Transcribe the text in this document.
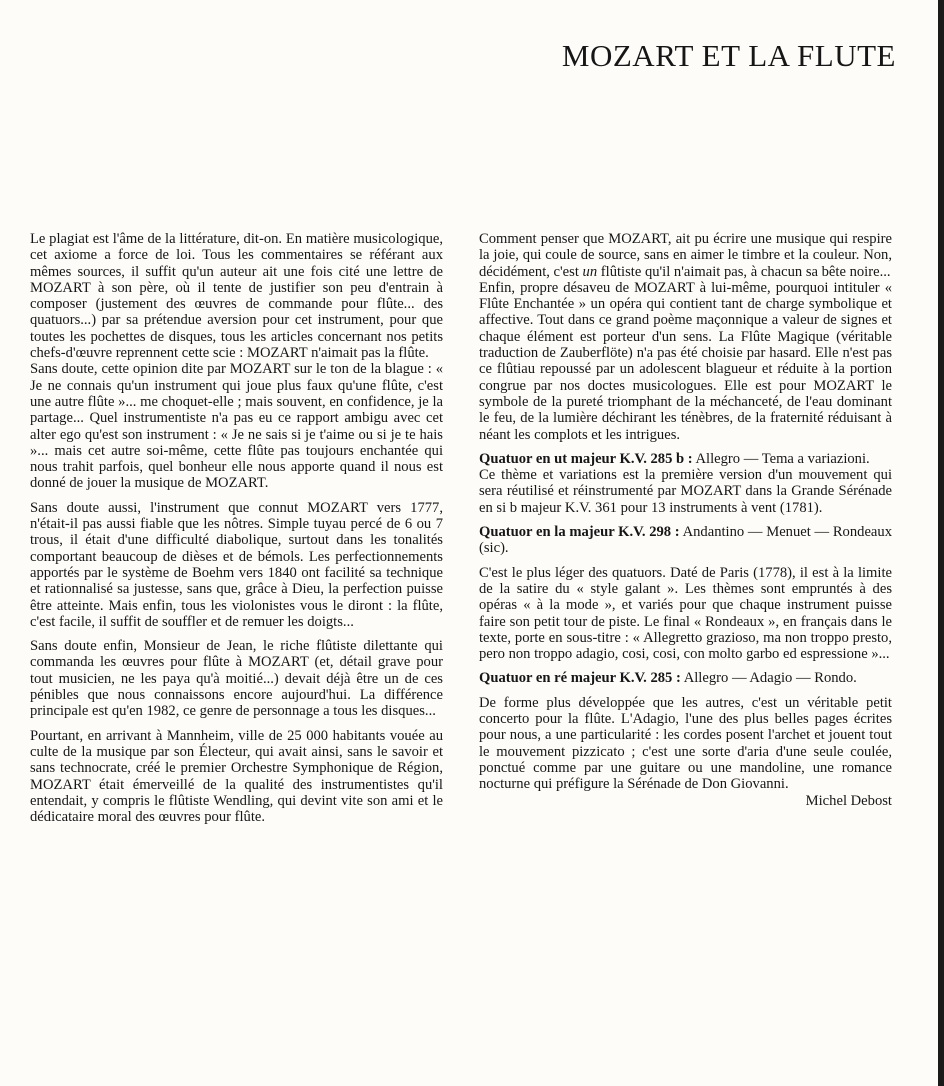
MOZART ET LA FLUTE

Le plagiat est l'âme de la littérature, dit-on. En matière musicologique, cet axiome a force de loi. Tous les commentaires se référant aux mêmes sources, il suffit qu'un auteur ait une fois cité une lettre de MOZART à son père, où il tente de justifier son peu d'entrain à composer (justement des œuvres de commande pour flûte... des quatuors...) par sa prétendue aversion pour cet instrument, pour que toutes les pochettes de disques, tous les articles concernant nos petits chefs-d'œuvre reprennent cette scie : MOZART n'aimait pas la flûte.

Sans doute, cette opinion dite par MOZART sur le ton de la blague : « Je ne connais qu'un instrument qui joue plus faux qu'une flûte, c'est une autre flûte »... me choquet-elle ; mais souvent, en confidence, je la partage... Quel instrumentiste n'a pas eu ce rapport ambigu avec cet alter ego qu'est son instrument : « Je ne sais si je t'aime ou si je te hais »... mais cet autre soi-même, cette flûte pas toujours enchantée qui nous trahit parfois, quel bonheur elle nous apporte quand il nous est donné de jouer la musique de MOZART.

Sans doute aussi, l'instrument que connut MOZART vers 1777, n'était-il pas aussi fiable que les nôtres. Simple tuyau percé de 6 ou 7 trous, il était d'une difficulté diabolique, surtout dans les tonalités comportant beaucoup de dièses et de bémols. Les perfectionnements apportés par le système de Boehm vers 1840 ont facilité sa technique et rationnalisé sa justesse, sans que, grâce à Dieu, la perfection puisse être atteinte. Mais enfin, tous les violonistes vous le diront : la flûte, c'est facile, il suffit de souffler et de remuer les doigts...

Sans doute enfin, Monsieur de Jean, le riche flûtiste dilettante qui commanda les œuvres pour flûte à MOZART (et, détail grave pour tout musicien, ne les paya qu'à moitié...) devait déjà être un de ces pénibles que nous connaissons encore aujourd'hui. La différence principale est qu'en 1982, ce genre de personnage a tous les disques...

Pourtant, en arrivant à Mannheim, ville de 25 000 habitants vouée au culte de la musique par son Électeur, qui avait ainsi, sans le savoir et sans technocrate, créé le premier Orchestre Symphonique de Région, MOZART était émerveillé de la qualité des instrumentistes qu'il entendait, y compris le flûtiste Wendling, qui devint vite son ami et le dédicataire moral des œuvres pour flûte.

Comment penser que MOZART, ait pu écrire une musique qui respire la joie, qui coule de source, sans en aimer le timbre et la couleur. Non, décidément, c'est un flûtiste qu'il n'aimait pas, à chacun sa bête noire...

Enfin, propre désaveu de MOZART à lui-même, pourquoi intituler « Flûte Enchantée » un opéra qui contient tant de charge symbolique et affective. Tout dans ce grand poème maçonnique a valeur de signes et chaque élément est porteur d'un sens. La Flûte Magique (véritable traduction de Zauberflöte) n'a pas été choisie par hasard. Elle n'est pas ce flûtiau repoussé par un adolescent blagueur et réduite à la portion congrue par nos doctes musicologues. Elle est pour MOZART le symbole de la pureté triomphant de la méchanceté, de l'eau dominant le feu, de la lumière déchirant les ténèbres, de la fraternité réduisant à néant les complots et les intrigues.

Quatuor en ut majeur K.V. 285 b : Allegro — Tema a variazioni.

Ce thème et variations est la première version d'un mouvement qui sera réutilisé et réinstrumenté par MOZART dans la Grande Sérénade en si b majeur K.V. 361 pour 13 instruments à vent (1781).

Quatuor en la majeur K.V. 298 : Andantino — Menuet — Rondeaux (sic).

C'est le plus léger des quatuors. Daté de Paris (1778), il est à la limite de la satire du « style galant ». Les thèmes sont empruntés à des opéras « à la mode », et variés pour que chaque instrument puisse faire son petit tour de piste. Le final « Rondeaux », en français dans le texte, porte en sous-titre : « Allegretto grazioso, ma non troppo presto, pero non troppo adagio, cosi, cosi, con molto garbo ed espressione »...

Quatuor en ré majeur K.V. 285 : Allegro — Adagio — Rondo.

De forme plus développée que les autres, c'est un véritable petit concerto pour la flûte. L'Adagio, l'une des plus belles pages écrites pour nous, a une particularité : les cordes posent l'archet et jouent tout le mouvement pizzicato ; c'est une sorte d'aria d'une seule coulée, ponctué comme par une guitare ou une mandoline, une romance nocturne qui préfigure la Sérénade de Don Giovanni.

Michel Debost
